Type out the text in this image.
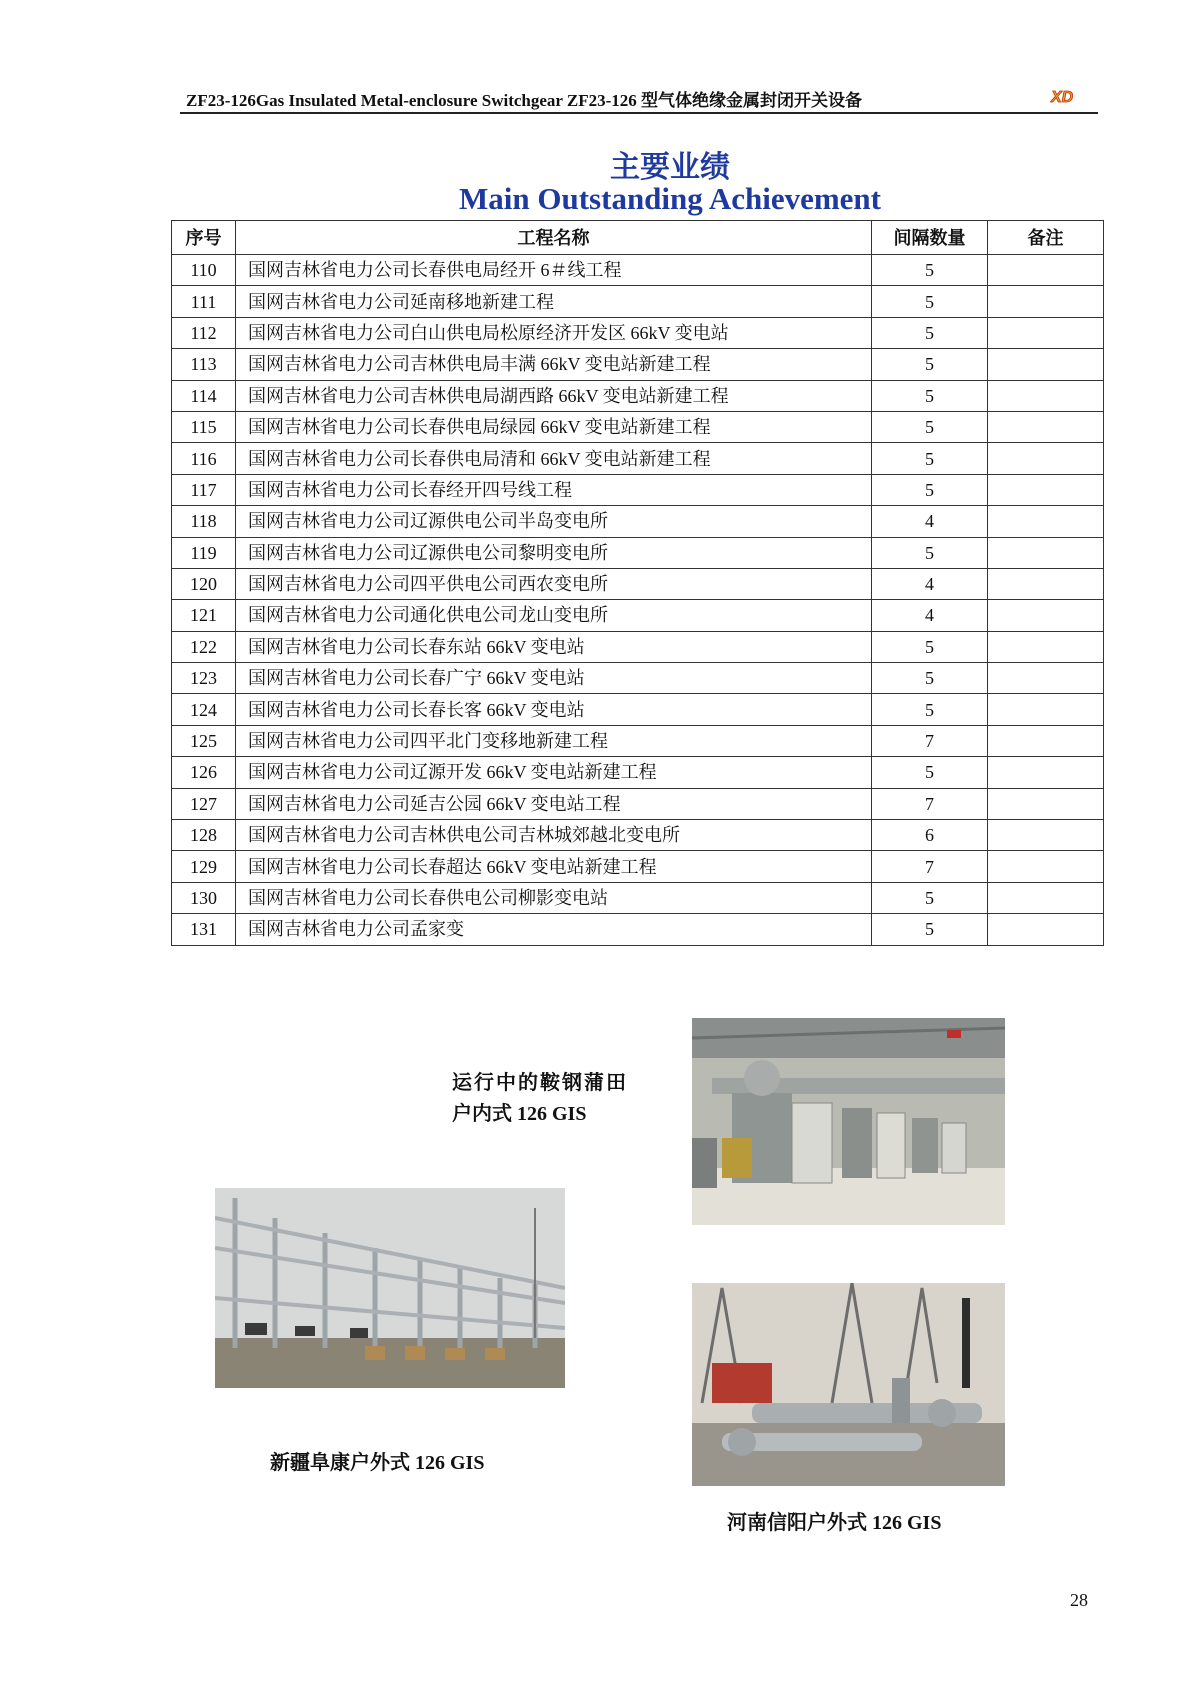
ZF23-126Gas Insulated Metal-enclosure Switchgear ZF23-126 型气体绝缘金属封闭开关设备	XD
主要业绩
Main Outstanding Achievement
序号	工程名称	间隔数量	备注
110	国网吉林省电力公司长春供电局经开 6＃线工程	5	
111	国网吉林省电力公司延南移地新建工程	5	
112	国网吉林省电力公司白山供电局松原经济开发区 66kV 变电站	5	
113	国网吉林省电力公司吉林供电局丰满 66kV 变电站新建工程	5	
114	国网吉林省电力公司吉林供电局湖西路 66kV 变电站新建工程	5	
115	国网吉林省电力公司长春供电局绿园 66kV 变电站新建工程	5	
116	国网吉林省电力公司长春供电局清和 66kV 变电站新建工程	5	
117	国网吉林省电力公司长春经开四号线工程	5	
118	国网吉林省电力公司辽源供电公司半岛变电所	4	
119	国网吉林省电力公司辽源供电公司黎明变电所	5	
120	国网吉林省电力公司四平供电公司西农变电所	4	
121	国网吉林省电力公司通化供电公司龙山变电所	4	
122	国网吉林省电力公司长春东站 66kV 变电站	5	
123	国网吉林省电力公司长春广宁 66kV 变电站	5	
124	国网吉林省电力公司长春长客 66kV 变电站	5	
125	国网吉林省电力公司四平北门变移地新建工程	7	
126	国网吉林省电力公司辽源开发 66kV 变电站新建工程	5	
127	国网吉林省电力公司延吉公园 66kV 变电站工程	7	
128	国网吉林省电力公司吉林供电公司吉林城郊越北变电所	6	
129	国网吉林省电力公司长春超达 66kV 变电站新建工程	7	
130	国网吉林省电力公司长春供电公司柳影变电站	5	
131	国网吉林省电力公司孟家变	5	
运行中的鞍钢蒲田
户内式 126 GIS
新疆阜康户外式 126 GIS
河南信阳户外式 126 GIS
28
